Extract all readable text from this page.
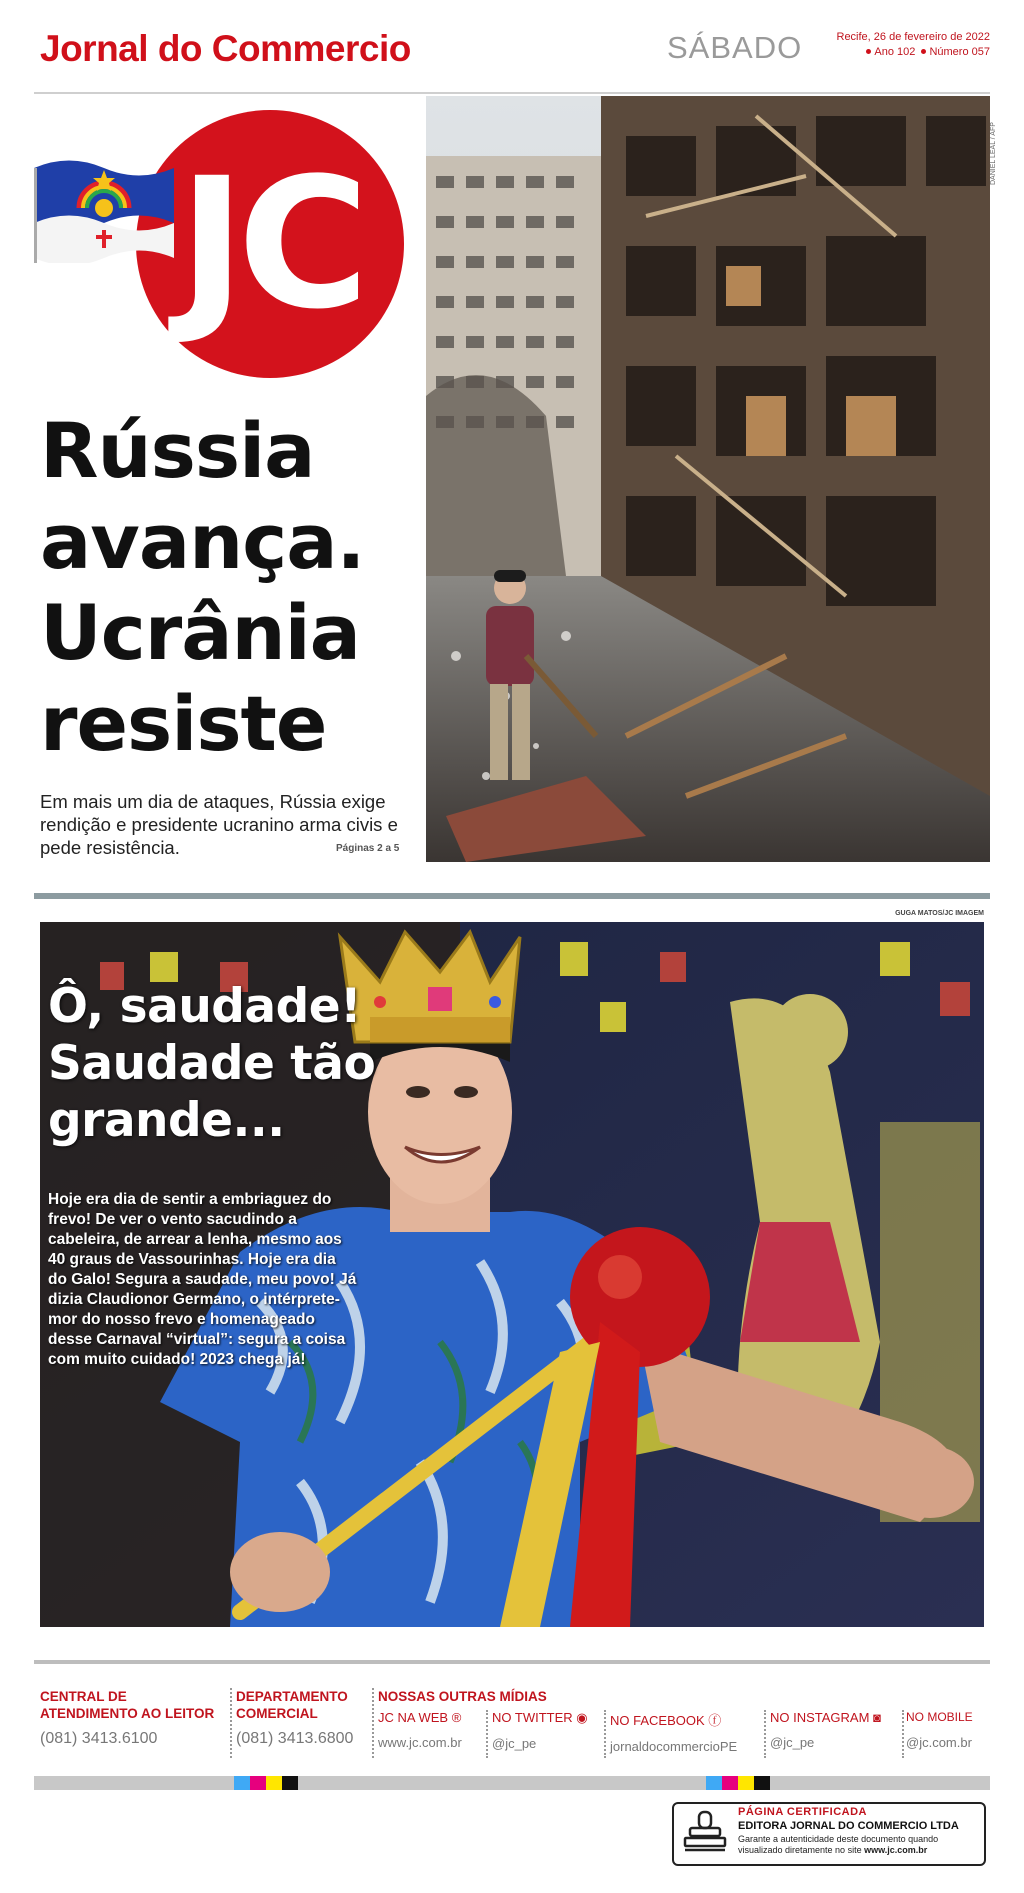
Jornal do Commercio	SÁBADO	Recife, 26 de fevereiro de 2022
Ano 102 Número 057
JC
Rússia
avança.
Ucrânia
resiste
Em mais um dia de ataques, Rússia exige rendição e presidente ucranino arma civis e pede resistência.	Páginas 2 a 5
DANIEL LEAL / AFP
GUGA MATOS/JC IMAGEM
Ô, saudade!
Saudade tão
grande...
Hoje era dia de sentir a embriaguez do frevo! De ver o vento sacudindo a cabeleira, de arrear a lenha, mesmo aos 40 graus de Vassourinhas. Hoje era dia do Galo! Segura a saudade, meu povo! Já dizia Claudionor Germano, o intérprete-mor do nosso frevo e homenageado desse Carnaval “virtual”: segura a coisa com muito cuidado! 2023 chega já!
CENTRAL DE
ATENDIMENTO AO LEITOR
(081) 3413.6100
DEPARTAMENTO
COMERCIAL
(081) 3413.6800
NOSSAS OUTRAS MÍDIAS
JC NA WEB ®
www.jc.com.br
NO TWITTER ◉
@jc_pe
NO FACEBOOK ⓕ
jornaldocommercioPE
NO INSTAGRAM ◙
@jc_pe
NO MOBILE
@jc.com.br
PÁGINA CERTIFICADA
EDITORA JORNAL DO COMMERCIO LTDA
Garante a autenticidade deste documento quando visualizado diretamente no site www.jc.com.br
